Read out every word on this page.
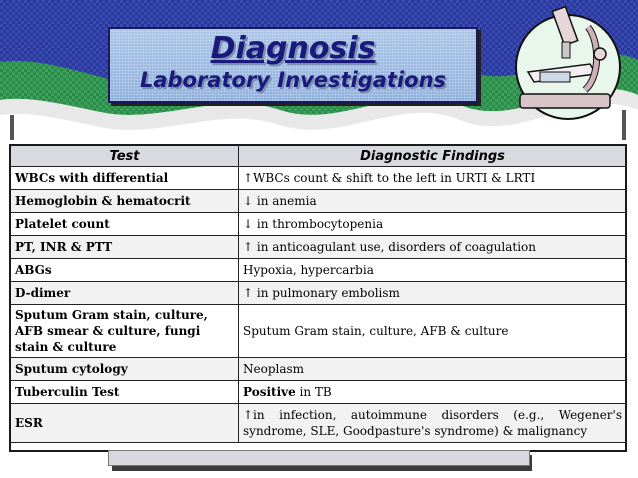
Diagnosis
Laboratory Investigations
Test	Diagnostic Findings
WBCs with differential	↑WBCs count & shift to the left in URTI & LRTI
Hemoglobin & hematocrit	↓ in anemia
Platelet count	↓ in thrombocytopenia
PT, INR & PTT	↑ in anticoagulant use, disorders of coagulation
ABGs	Hypoxia, hypercarbia
D-dimer	↑ in pulmonary embolism
Sputum Gram stain, culture, AFB smear & culture, fungi stain & culture	Sputum Gram stain, culture, AFB & culture
Sputum cytology	Neoplasm
Tuberculin Test	Positive in TB
ESR	↑in infection, autoimmune disorders (e.g., Wegener's syndrome, SLE, Goodpasture's syndrome) & malignancy
